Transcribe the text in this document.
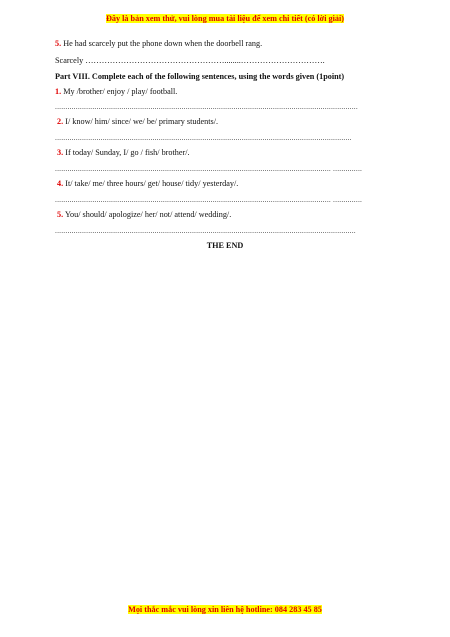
Đây là bản xem thử, vui lòng mua tài liệu để xem chi tiết (có lời giải)
5. He had scarcely put the phone down when the doorbell rang.
Scarcely ……………………………………………........………………………….
Part VIII. Complete each of the following sentences, using the words given (1point)
1. My /brother/ enjoy / play/ football.
..................................................................................................................................................
2. I/ know/ him/ since/ we/ be/ primary students/.
...............................................................................................................................................
3. If today/ Sunday, I/ go / fish/ brother/.
..................................................................................................................................... ..............
4. It/ take/ me/ three hours/ get/ house/ tidy/ yesterday/.
..................................................................................................................................... ..............
5. You/ should/ apologize/ her/ not/ attend/ wedding/.
.................................................................................................................................................
THE END
Mọi thắc mắc vui lòng xin liên hệ hotline: 084 283 45 85
